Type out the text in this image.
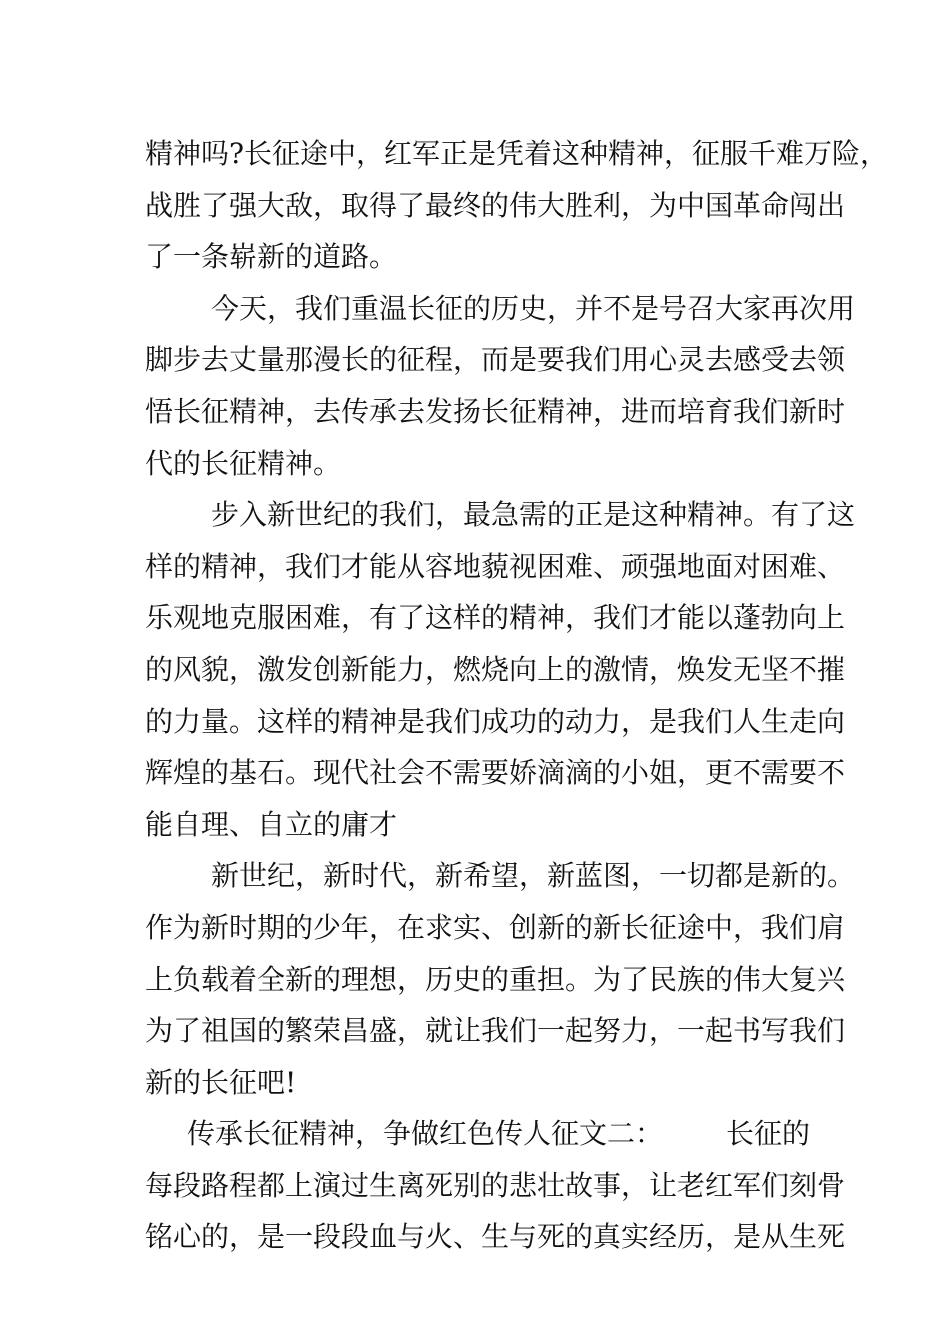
精神吗?长征途中，红军正是凭着这种精神，征服千难万险，
战胜了强大敌，取得了最终的伟大胜利，为中国革命闯出
了一条崭新的道路。
今天，我们重温长征的历史，并不是号召大家再次用
脚步去丈量那漫长的征程，而是要我们用心灵去感受去领
悟长征精神，去传承去发扬长征精神，进而培育我们新时
代的长征精神。
步入新世纪的我们，最急需的正是这种精神。有了这
样的精神，我们才能从容地藐视困难、顽强地面对困难、
乐观地克服困难，有了这样的精神，我们才能以蓬勃向上
的风貌，激发创新能力，燃烧向上的激情，焕发无坚不摧
的力量。这样的精神是我们成功的动力，是我们人生走向
辉煌的基石。现代社会不需要娇滴滴的小姐，更不需要不
能自理、自立的庸才
新世纪，新时代，新希望，新蓝图，一切都是新的。
作为新时期的少年，在求实、创新的新长征途中，我们肩
上负载着全新的理想，历史的重担。为了民族的伟大复兴
为了祖国的繁荣昌盛，就让我们一起努力，一起书写我们
新的长征吧!
传承长征精神，争做红色传人征文二： 长征的
每段路程都上演过生离死别的悲壮故事，让老红军们刻骨
铭心的，是一段段血与火、生与死的真实经历，是从生死
